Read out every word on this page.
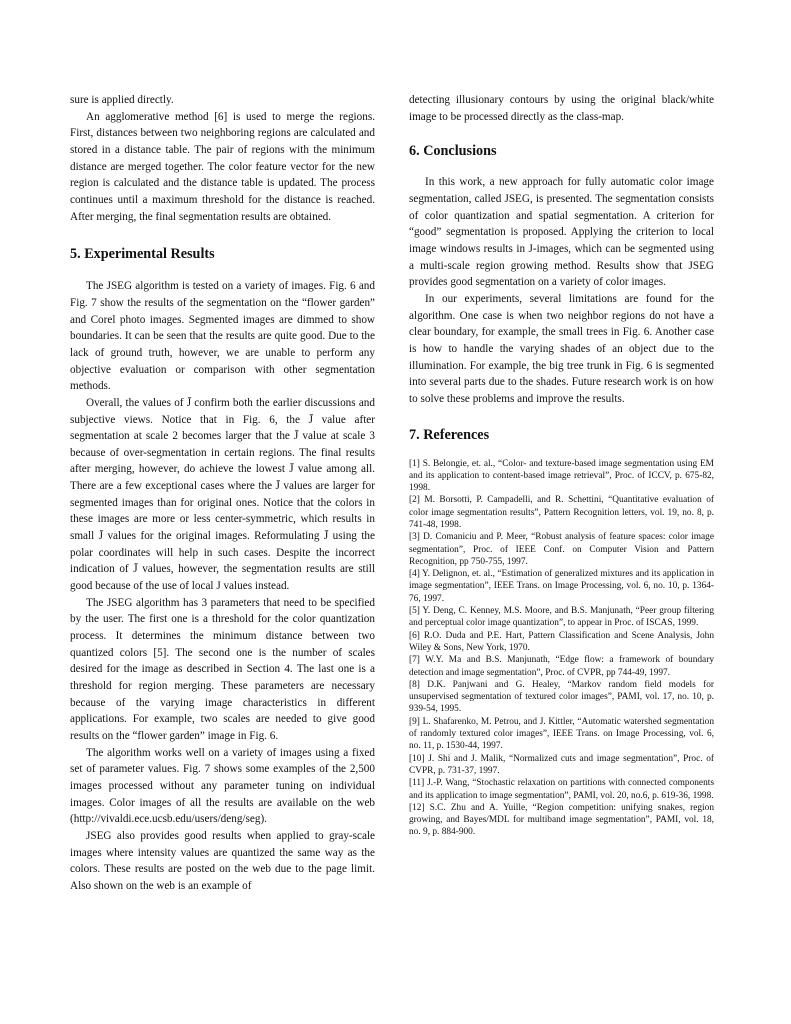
sure is applied directly.

An agglomerative method [6] is used to merge the regions. First, distances between two neighboring regions are calculated and stored in a distance table. The pair of regions with the minimum distance are merged together. The color feature vector for the new region is calculated and the distance table is updated. The process continues until a maximum threshold for the distance is reached. After merging, the final segmentation results are obtained.

5. Experimental Results

The JSEG algorithm is tested on a variety of images. Fig. 6 and Fig. 7 show the results of the segmentation on the “flower garden” and Corel photo images. Segmented images are dimmed to show boundaries. It can be seen that the results are quite good. Due to the lack of ground truth, however, we are unable to perform any objective evaluation or comparison with other segmentation methods.

Overall, the values of J̄ confirm both the earlier discussions and subjective views. Notice that in Fig. 6, the J̄ value after segmentation at scale 2 becomes larger that the J̄ value at scale 3 because of over-segmentation in certain regions. The final results after merging, however, do achieve the lowest J̄ value among all. There are a few exceptional cases where the J̄ values are larger for segmented images than for original ones. Notice that the colors in these images are more or less center-symmetric, which results in small J̄ values for the original images. Reformulating J̄ using the polar coordinates will help in such cases. Despite the incorrect indication of J̄ values, however, the segmentation results are still good because of the use of local J values instead.

The JSEG algorithm has 3 parameters that need to be specified by the user. The first one is a threshold for the color quantization process. It determines the minimum distance between two quantized colors [5]. The second one is the number of scales desired for the image as described in Section 4. The last one is a threshold for region merging. These parameters are necessary because of the varying image characteristics in different applications. For example, two scales are needed to give good results on the “flower garden” image in Fig. 6.

The algorithm works well on a variety of images using a fixed set of parameter values. Fig. 7 shows some examples of the 2,500 images processed without any parameter tuning on individual images. Color images of all the results are available on the web (http://vivaldi.ece.ucsb.edu/users/deng/seg).

JSEG also provides good results when applied to gray-scale images where intensity values are quantized the same way as the colors. These results are posted on the web due to the page limit. Also shown on the web is an example of

detecting illusionary contours by using the original black/white image to be processed directly as the class-map.

6. Conclusions

In this work, a new approach for fully automatic color image segmentation, called JSEG, is presented. The segmentation consists of color quantization and spatial segmentation. A criterion for “good” segmentation is proposed. Applying the criterion to local image windows results in J-images, which can be segmented using a multi-scale region growing method. Results show that JSEG provides good segmentation on a variety of color images.

In our experiments, several limitations are found for the algorithm. One case is when two neighbor regions do not have a clear boundary, for example, the small trees in Fig. 6. Another case is how to handle the varying shades of an object due to the illumination. For example, the big tree trunk in Fig. 6 is segmented into several parts due to the shades. Future research work is on how to solve these problems and improve the results.

7. References

[1] S. Belongie, et. al., “Color- and texture-based image segmentation using EM and its application to content-based image retrieval”, Proc. of ICCV, p. 675-82, 1998.

[2] M. Borsotti, P. Campadelli, and R. Schettini, “Quantitative evaluation of color image segmentation results”, Pattern Recognition letters, vol. 19, no. 8, p. 741-48, 1998.

[3] D. Comaniciu and P. Meer, “Robust analysis of feature spaces: color image segmentation”, Proc. of IEEE Conf. on Computer Vision and Pattern Recognition, pp 750-755, 1997.

[4] Y. Delignon, et. al., “Estimation of generalized mixtures and its application in image segmentation”, IEEE Trans. on Image Processing, vol. 6, no. 10, p. 1364-76, 1997.

[5] Y. Deng, C. Kenney, M.S. Moore, and B.S. Manjunath, “Peer group filtering and perceptual color image quantization”, to appear in Proc. of ISCAS, 1999.

[6] R.O. Duda and P.E. Hart, Pattern Classification and Scene Analysis, John Wiley & Sons, New York, 1970.

[7] W.Y. Ma and B.S. Manjunath, “Edge flow: a framework of boundary detection and image segmentation”, Proc. of CVPR, pp 744-49, 1997.

[8] D.K. Panjwani and G. Healey, “Markov random field models for unsupervised segmentation of textured color images”, PAMI, vol. 17, no. 10, p. 939-54, 1995.

[9] L. Shafarenko, M. Petrou, and J. Kittler, “Automatic watershed segmentation of randomly textured color images”, IEEE Trans. on Image Processing, vol. 6, no. 11, p. 1530-44, 1997.

[10] J. Shi and J. Malik, “Normalized cuts and image segmentation”, Proc. of CVPR, p. 731-37, 1997.

[11] J.-P. Wang, “Stochastic relaxation on partitions with connected components and its application to image segmentation”, PAMI, vol. 20, no.6, p. 619-36, 1998.

[12] S.C. Zhu and A. Yuille, “Region competition: unifying snakes, region growing, and Bayes/MDL for multiband image segmentation”, PAMI, vol. 18, no. 9, p. 884-900.
